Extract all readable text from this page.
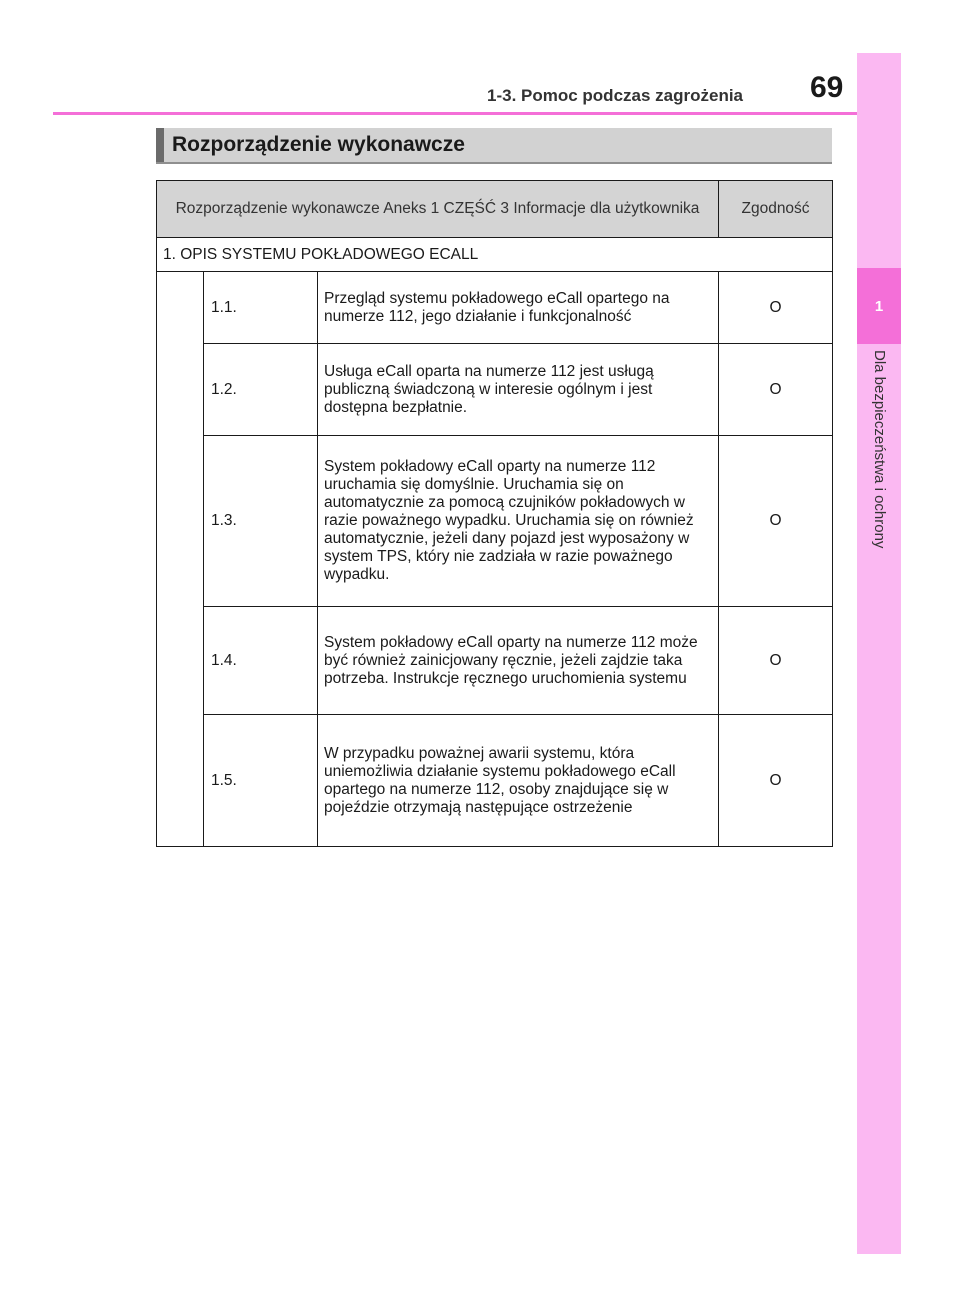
1
Dla bezpieczeństwa i ochrony
1-3. Pomoc podczas zagrożenia 69
Rozporządzenie wykonawcze
Rozporządzenie wykonawcze Aneks 1 CZĘŚĆ 3 Informacje dla użytkownika			Zgodność
1. OPIS SYSTEMU POKŁADOWEGO ECALL			
	1.1.	Przegląd systemu pokładowego eCall opartego na numerze 112, jego działanie i funkcjonalność	O
	1.2.	Usługa eCall oparta na numerze 112 jest usługą publiczną świadczoną w interesie ogólnym i jest dostępna bezpłatnie.	O
	1.3.	System pokładowy eCall oparty na numerze 112 uruchamia się domyślnie. Uruchamia się on automatycznie za pomocą czujników pokładowych w razie poważnego wypadku. Uruchamia się on również automatycznie, jeżeli dany pojazd jest wyposażony w system TPS, który nie zadziała w razie poważnego wypadku.	O
	1.4.	System pokładowy eCall oparty na numerze 112 może być również zainicjowany ręcznie, jeżeli zajdzie taka potrzeba. Instrukcje ręcznego uruchomienia systemu	O
	1.5.	W przypadku poważnej awarii systemu, która uniemożliwia działanie systemu pokładowego eCall opartego na numerze 112, osoby znajdujące się w pojeździe otrzymają następujące ostrzeżenie	O
